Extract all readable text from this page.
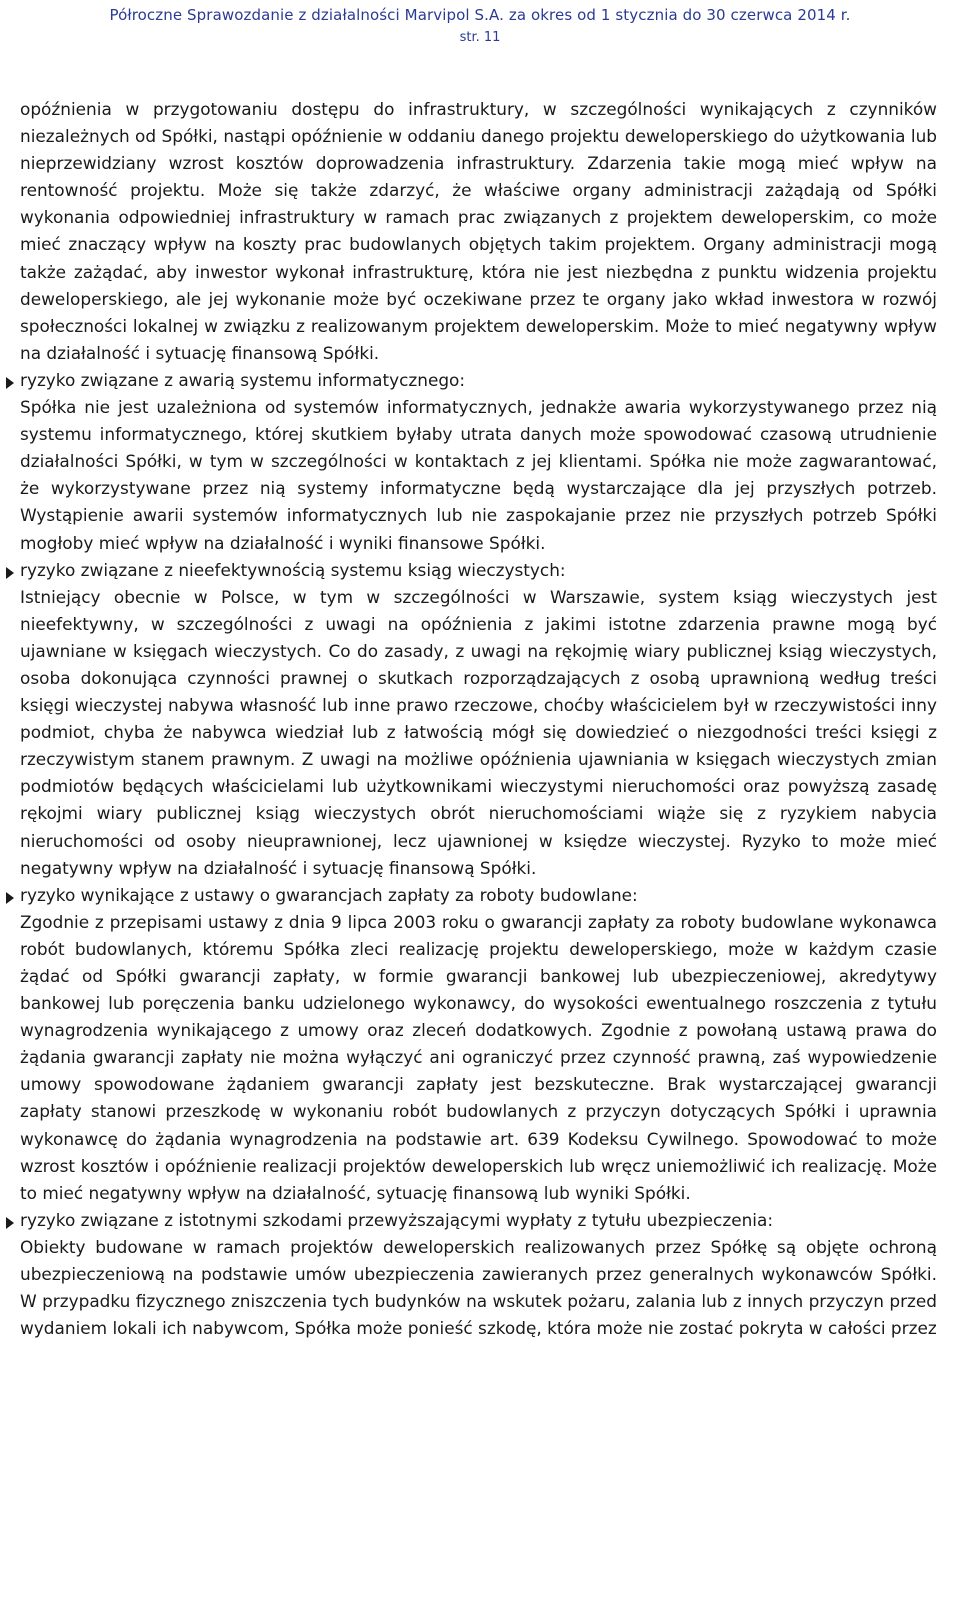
Półroczne Sprawozdanie z działalności Marvipol S.A. za okres od 1 stycznia do 30 czerwca 2014 r.
str. 11

opóźnienia w przygotowaniu dostępu do infrastruktury, w szczególności wynikających z czynników niezależnych od Spółki, nastąpi opóźnienie w oddaniu danego projektu deweloperskiego do użytkowania lub nieprzewidziany wzrost kosztów doprowadzenia infrastruktury. Zdarzenia takie mogą mieć wpływ na rentowność projektu. Może się także zdarzyć, że właściwe organy administracji zażądają od Spółki wykonania odpowiedniej infrastruktury w ramach prac związanych z projektem deweloperskim, co może mieć znaczący wpływ na koszty prac budowlanych objętych takim projektem. Organy administracji mogą także zażądać, aby inwestor wykonał infrastrukturę, która nie jest niezbędna z punktu widzenia projektu deweloperskiego, ale jej wykonanie może być oczekiwane przez te organy jako wkład inwestora w rozwój społeczności lokalnej w związku z realizowanym projektem deweloperskim. Może to mieć negatywny wpływ na działalność i sytuację finansową Spółki.

ryzyko związane z awarią systemu informatycznego:

Spółka nie jest uzależniona od systemów informatycznych, jednakże awaria wykorzystywanego przez nią systemu informatycznego, której skutkiem byłaby utrata danych może spowodować czasową utrudnienie działalności Spółki, w tym w szczególności w kontaktach z jej klientami. Spółka nie może zagwarantować, że wykorzystywane przez nią systemy informatyczne będą wystarczające dla jej przyszłych potrzeb. Wystąpienie awarii systemów informatycznych lub nie zaspokajanie przez nie przyszłych potrzeb Spółki mogłoby mieć wpływ na działalność i wyniki finansowe Spółki.

ryzyko związane z nieefektywnością systemu ksiąg wieczystych:

Istniejący obecnie w Polsce, w tym w szczególności w Warszawie, system ksiąg wieczystych jest nieefektywny, w szczególności z uwagi na opóźnienia z jakimi istotne zdarzenia prawne mogą być ujawniane w księgach wieczystych. Co do zasady, z uwagi na rękojmię wiary publicznej ksiąg wieczystych, osoba dokonująca czynności prawnej o skutkach rozporządzających z osobą uprawnioną według treści księgi wieczystej nabywa własność lub inne prawo rzeczowe, choćby właścicielem był w rzeczywistości inny podmiot, chyba że nabywca wiedział lub z łatwością mógł się dowiedzieć o niezgodności treści księgi z rzeczywistym stanem prawnym. Z uwagi na możliwe opóźnienia ujawniania w księgach wieczystych zmian podmiotów będących właścicielami lub użytkownikami wieczystymi nieruchomości oraz powyższą zasadę rękojmi wiary publicznej ksiąg wieczystych obrót nieruchomościami wiąże się z ryzykiem nabycia nieruchomości od osoby nieuprawnionej, lecz ujawnionej w księdze wieczystej. Ryzyko to może mieć negatywny wpływ na działalność i sytuację finansową Spółki.

ryzyko wynikające z ustawy o gwarancjach zapłaty za roboty budowlane:

Zgodnie z przepisami ustawy z dnia 9 lipca 2003 roku o gwarancji zapłaty za roboty budowlane wykonawca robót budowlanych, któremu Spółka zleci realizację projektu deweloperskiego, może w każdym czasie żądać od Spółki gwarancji zapłaty, w formie gwarancji bankowej lub ubezpieczeniowej, akredytywy bankowej lub poręczenia banku udzielonego wykonawcy, do wysokości ewentualnego roszczenia z tytułu wynagrodzenia wynikającego z umowy oraz zleceń dodatkowych. Zgodnie z powołaną ustawą prawa do żądania gwarancji zapłaty nie można wyłączyć ani ograniczyć przez czynność prawną, zaś wypowiedzenie umowy spowodowane żądaniem gwarancji zapłaty jest bezskuteczne. Brak wystarczającej gwarancji zapłaty stanowi przeszkodę w wykonaniu robót budowlanych z przyczyn dotyczących Spółki i uprawnia wykonawcę do żądania wynagrodzenia na podstawie art. 639 Kodeksu Cywilnego. Spowodować to może wzrost kosztów i opóźnienie realizacji projektów deweloperskich lub wręcz uniemożliwić ich realizację. Może to mieć negatywny wpływ na działalność, sytuację finansową lub wyniki Spółki.

ryzyko związane z istotnymi szkodami przewyższającymi wypłaty z tytułu ubezpieczenia:

Obiekty budowane w ramach projektów deweloperskich realizowanych przez Spółkę są objęte ochroną ubezpieczeniową na podstawie umów ubezpieczenia zawieranych przez generalnych wykonawców Spółki. W przypadku fizycznego zniszczenia tych budynków na wskutek pożaru, zalania lub z innych przyczyn przed wydaniem lokali ich nabywcom, Spółka może ponieść szkodę, która może nie zostać pokryta w całości przez
